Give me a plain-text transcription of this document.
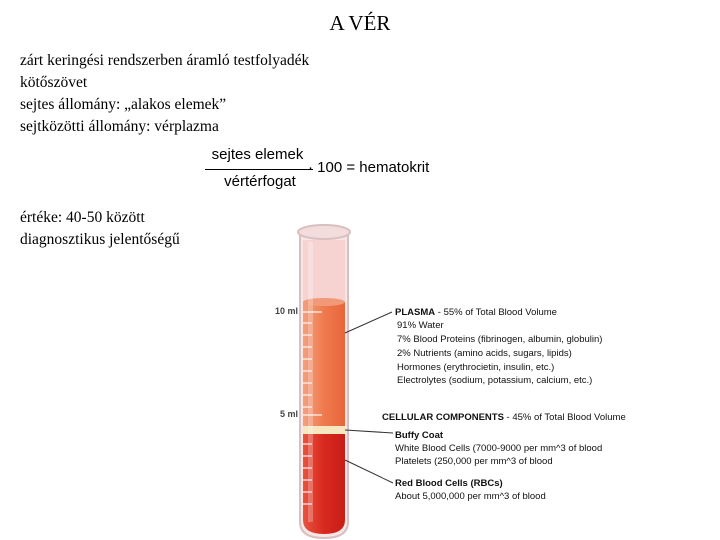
A VÉR
zárt keringési rendszerben áramló testfolyadék
kötőszövet
sejtes állomány: „alakos elemek”
sejtközötti állomány: vérplazma
sejtes elemek
vértérfogat
· 100 = hematokrit
értéke: 40-50 között
diagnosztikus jelentőségű
10 ml
5 ml
PLASMA - 55% of Total Blood Volume
91% Water
7% Blood Proteins (fibrinogen, albumin, globulin)
2% Nutrients (amino acids, sugars, lipids)
Hormones (erythrocietin, insulin, etc.)
Electrolytes (sodium, potassium, calcium, etc.)
CELLULAR COMPONENTS - 45% of Total Blood Volume
Buffy Coat
White Blood Cells (7000-9000 per mm^3 of blood
Platelets (250,000 per mm^3 of blood
Red Blood Cells (RBCs)
About 5,000,000 per mm^3 of blood
